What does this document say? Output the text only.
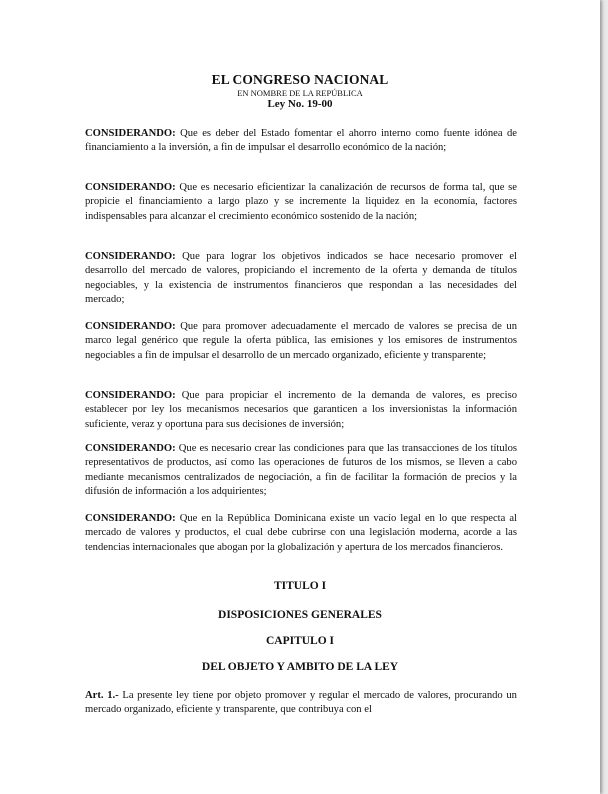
EL CONGRESO NACIONAL
EN NOMBRE DE LA REPÚBLICA
Ley No. 19-00

CONSIDERANDO: Que es deber del Estado fomentar el ahorro interno como fuente idónea de financiamiento a la inversión, a fin de impulsar el desarrollo económico de la nación;

CONSIDERANDO: Que es necesario eficientizar la canalización de recursos de forma tal, que se propicie el financiamiento a largo plazo y se incremente la liquidez en la economía, factores indispensables para alcanzar el crecimiento económico sostenido de la nación;

CONSIDERANDO: Que para lograr los objetivos indicados se hace necesario promover el desarrollo del mercado de valores, propiciando el incremento de la oferta y demanda de títulos negociables, y la existencia de instrumentos financieros que respondan a las necesidades del mercado;

CONSIDERANDO: Que para promover adecuadamente el mercado de valores se precisa de un marco legal genérico que regule la oferta pública, las emisiones y los emisores de instrumentos negociables a fin de impulsar el desarrollo de un mercado organizado, eficiente y transparente;

CONSIDERANDO: Que para propiciar el incremento de la demanda de valores, es preciso establecer por ley los mecanismos necesarios que garanticen a los inversionistas la información suficiente, veraz y oportuna para sus decisiones de inversión;

CONSIDERANDO: Que es necesario crear las condiciones para que las transacciones de los títulos representativos de productos, así como las operaciones de futuros de los mismos, se lleven a cabo mediante mecanismos centralizados de negociación, a fin de facilitar la formación de precios y la difusión de información a los adquirientes;

CONSIDERANDO: Que en la República Dominicana existe un vacío legal en lo que respecta al mercado de valores y productos, el cual debe cubrirse con una legislación moderna, acorde a las tendencias internacionales que abogan por la globalización y apertura de los mercados financieros.

TITULO I

DISPOSICIONES GENERALES

CAPITULO I

DEL OBJETO Y AMBITO DE LA LEY

Art. 1.- La presente ley tiene por objeto promover y regular el mercado de valores, procurando un mercado organizado, eficiente y transparente, que contribuya con el
